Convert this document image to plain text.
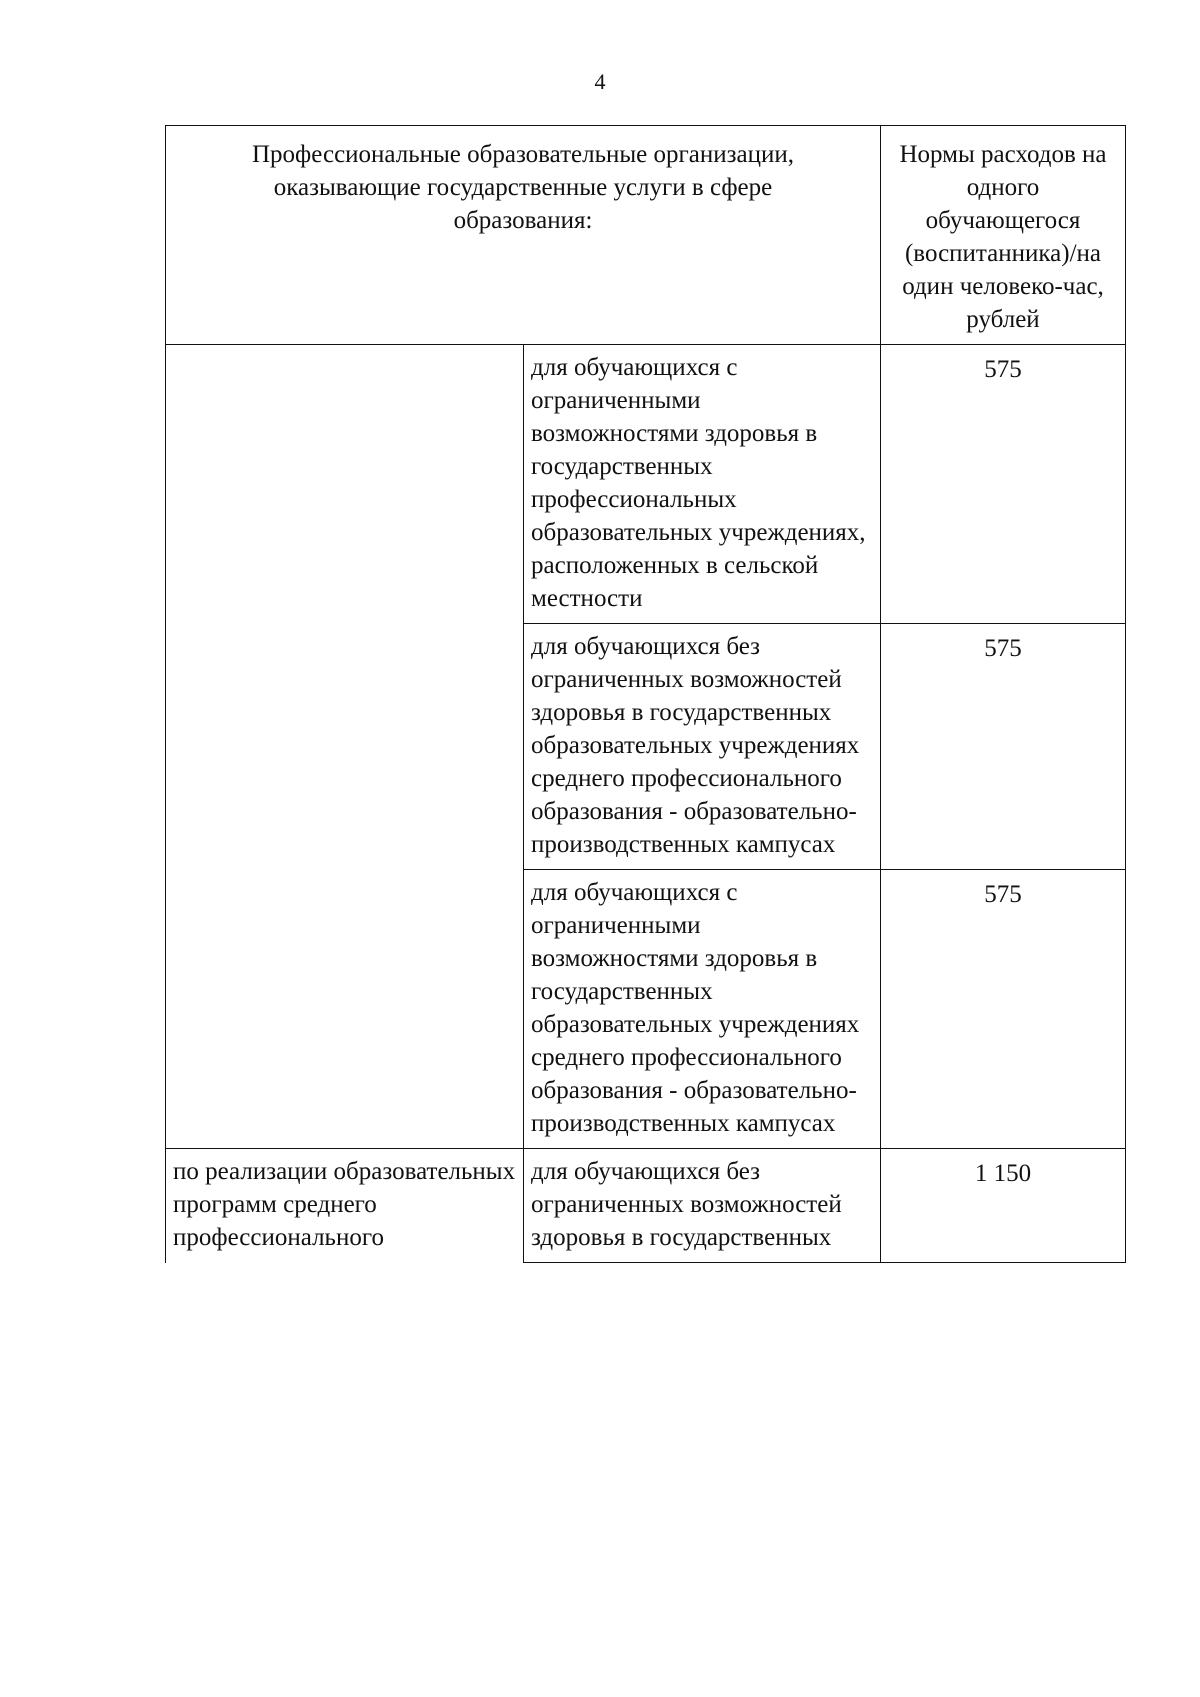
4
Профессиональные образовательные организации, оказывающие государственные услуги в сфере образования:		Нормы расходов на одного обучающегося (воспитанника)/на один человеко-час, рублей

	для обучающихся с ограниченными возможностями здоровья в государственных профессиональных образовательных учреждениях, расположенных в сельской местности	575

	для обучающихся без ограниченных возможностей здоровья в государственных образовательных учреждениях среднего профессионального образования - образовательно-производственных кампусах	575

	для обучающихся с ограниченными возможностями здоровья в государственных образовательных учреждениях среднего профессионального образования - образовательно-производственных кампусах	575

по реализации образовательных программ среднего профессионального	для обучающихся без ограниченных возможностей здоровья в государственных	1 150
